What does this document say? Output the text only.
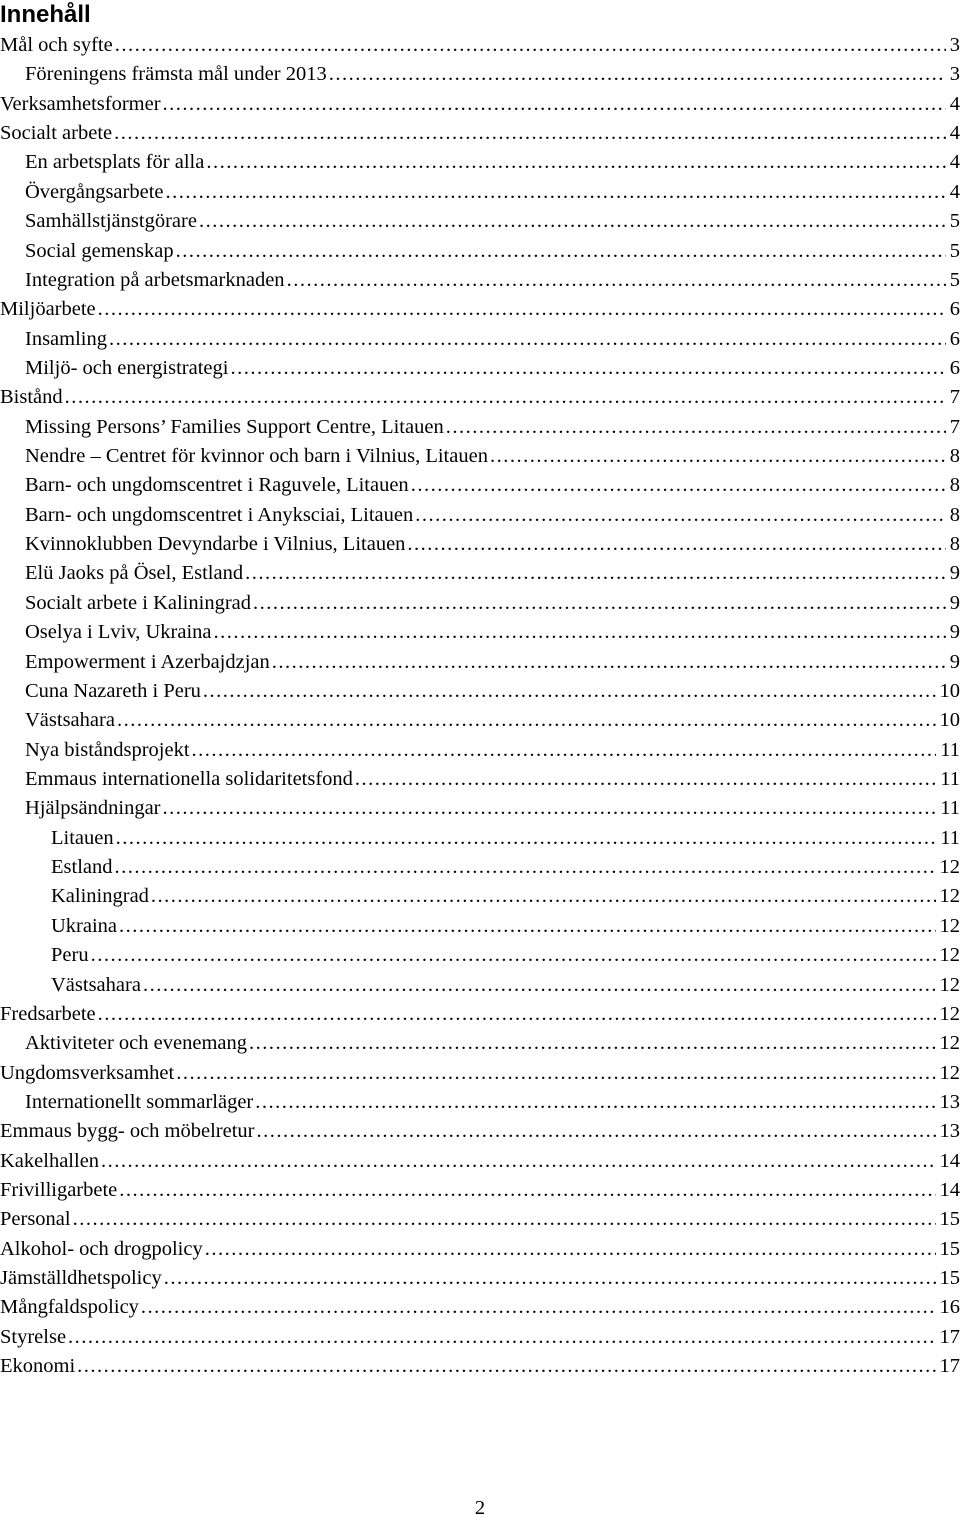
Innehåll
Mål och syfte .....	3
Föreningens främsta mål under 2013 .....	3
Verksamhetsformer .....	4
Socialt arbete .....	4
En arbetsplats för alla .....	4
Övergångsarbete .....	4
Samhällstjänstgörare .....	5
Social gemenskap .....	5
Integration på arbetsmarknaden .....	5
Miljöarbete .....	6
Insamling .....	6
Miljö- och energistrategi .....	6
Bistånd .....	7
Missing Persons’ Families Support Centre, Litauen .....	7
Nendre – Centret för kvinnor och barn i Vilnius, Litauen .....	8
Barn- och ungdomscentret i Raguvele, Litauen .....	8
Barn- och ungdomscentret i Anyksciai, Litauen .....	8
Kvinnoklubben Devyndarbe i Vilnius, Litauen .....	8
Elü Jaoks på Ösel, Estland .....	9
Socialt arbete i Kaliningrad .....	9
Oselya i Lviv, Ukraina .....	9
Empowerment i Azerbajdzjan .....	9
Cuna Nazareth i Peru .....	10
Västsahara .....	10
Nya biståndsprojekt .....	11
Emmaus internationella solidaritetsfond .....	11
Hjälpsändningar .....	11
Litauen .....	11
Estland .....	12
Kaliningrad .....	12
Ukraina .....	12
Peru .....	12
Västsahara .....	12
Fredsarbete .....	12
Aktiviteter och evenemang .....	12
Ungdomsverksamhet .....	12
Internationellt sommarläger .....	13
Emmaus bygg- och möbelretur .....	13
Kakelhallen .....	14
Frivilligarbete .....	14
Personal .....	15
Alkohol- och drogpolicy .....	15
Jämställdhetspolicy .....	15
Mångfaldspolicy .....	16
Styrelse .....	17
Ekonomi .....	17
2
